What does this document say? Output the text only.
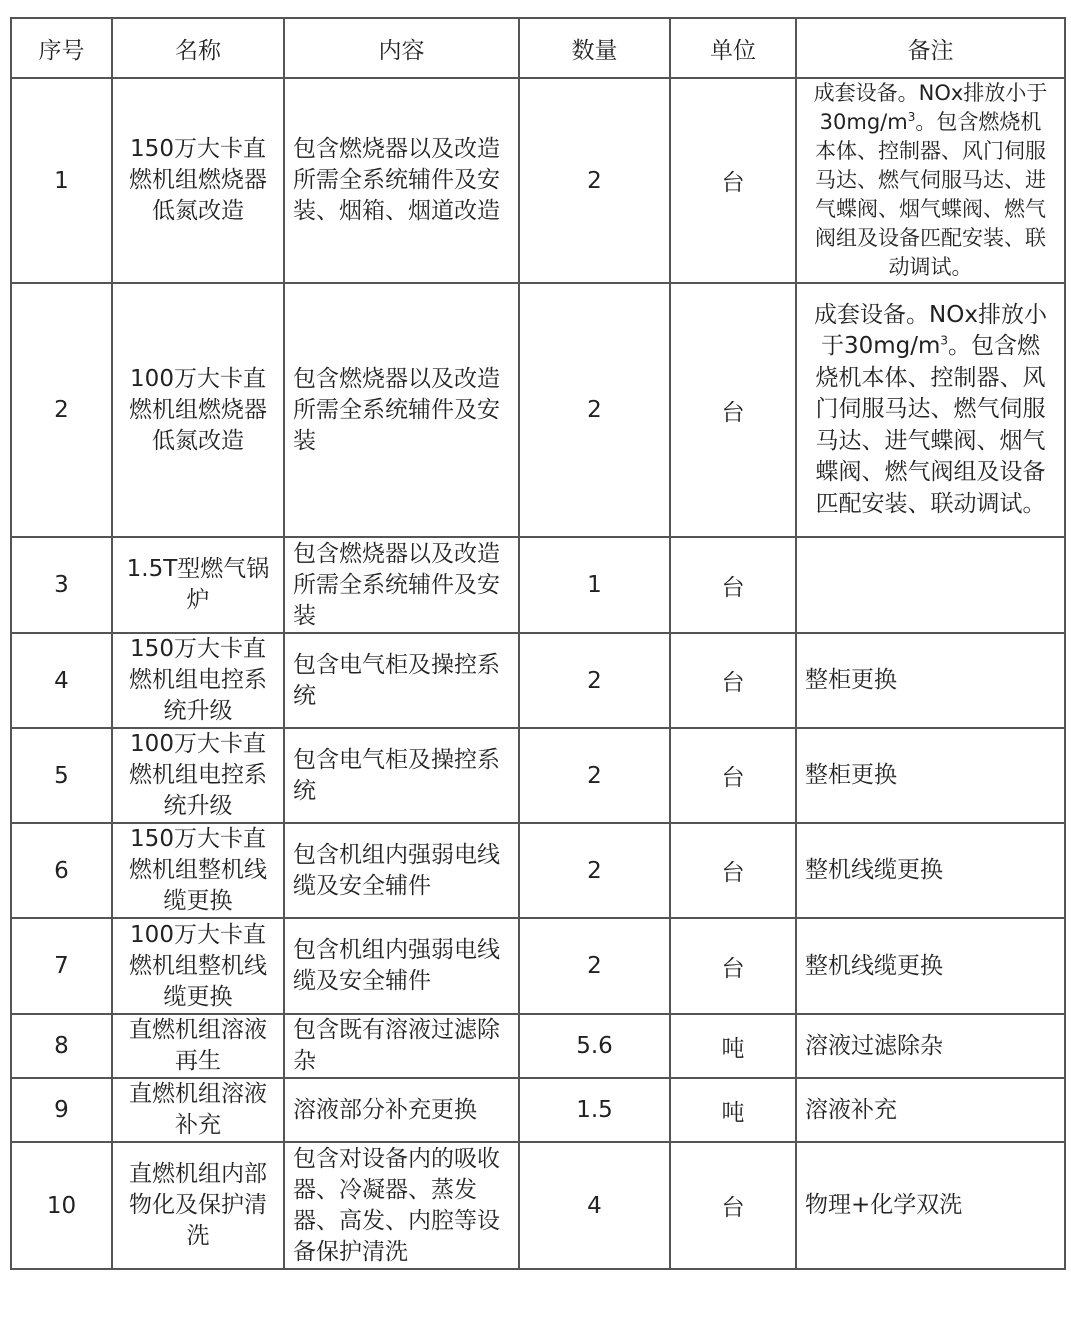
序号	名称	内容	数量	单位	备注
1	150万大卡直燃机组燃烧器低氮改造	包含燃烧器以及改造所需全系统辅件及安装、烟箱、烟道改造	2	台	成套设备。NOx排放小于$30mg/m^3$。包含燃烧机本体、控制器、风门伺服马达、燃气伺服马达、进气蝶阀、烟气蝶阀、燃气阀组及设备匹配安装、联动调试。
2	100万大卡直燃机组燃烧器低氮改造	包含燃烧器以及改造所需全系统辅件及安装	2	台	成套设备。NOx排放小于$30mg/m^3$。包含燃烧机本体、控制器、风门伺服马达、燃气伺服马达、进气蝶阀、烟气蝶阀、燃气阀组及设备匹配安装、联动调试。
3	1.5T型燃气锅炉	包含燃烧器以及改造所需全系统辅件及安装	1	台	
4	150万大卡直燃机组电控系统升级	包含电气柜及操控系统	2	台	整柜更换
5	100万大卡直燃机组电控系统升级	包含电气柜及操控系统	2	台	整柜更换
6	150万大卡直燃机组整机线缆更换	包含机组内强弱电线缆及安全辅件	2	台	整机线缆更换
7	100万大卡直燃机组整机线缆更换	包含机组内强弱电线缆及安全辅件	2	台	整机线缆更换
8	直燃机组溶液再生	包含既有溶液过滤除杂	5.6	吨	溶液过滤除杂
9	直燃机组溶液补充	溶液部分补充更换	1.5	吨	溶液补充
10	直燃机组内部物化及保护清洗	包含对设备内的吸收器、冷凝器、蒸发器、高发、内腔等设备保护清洗	4	台	物理+化学双洗
